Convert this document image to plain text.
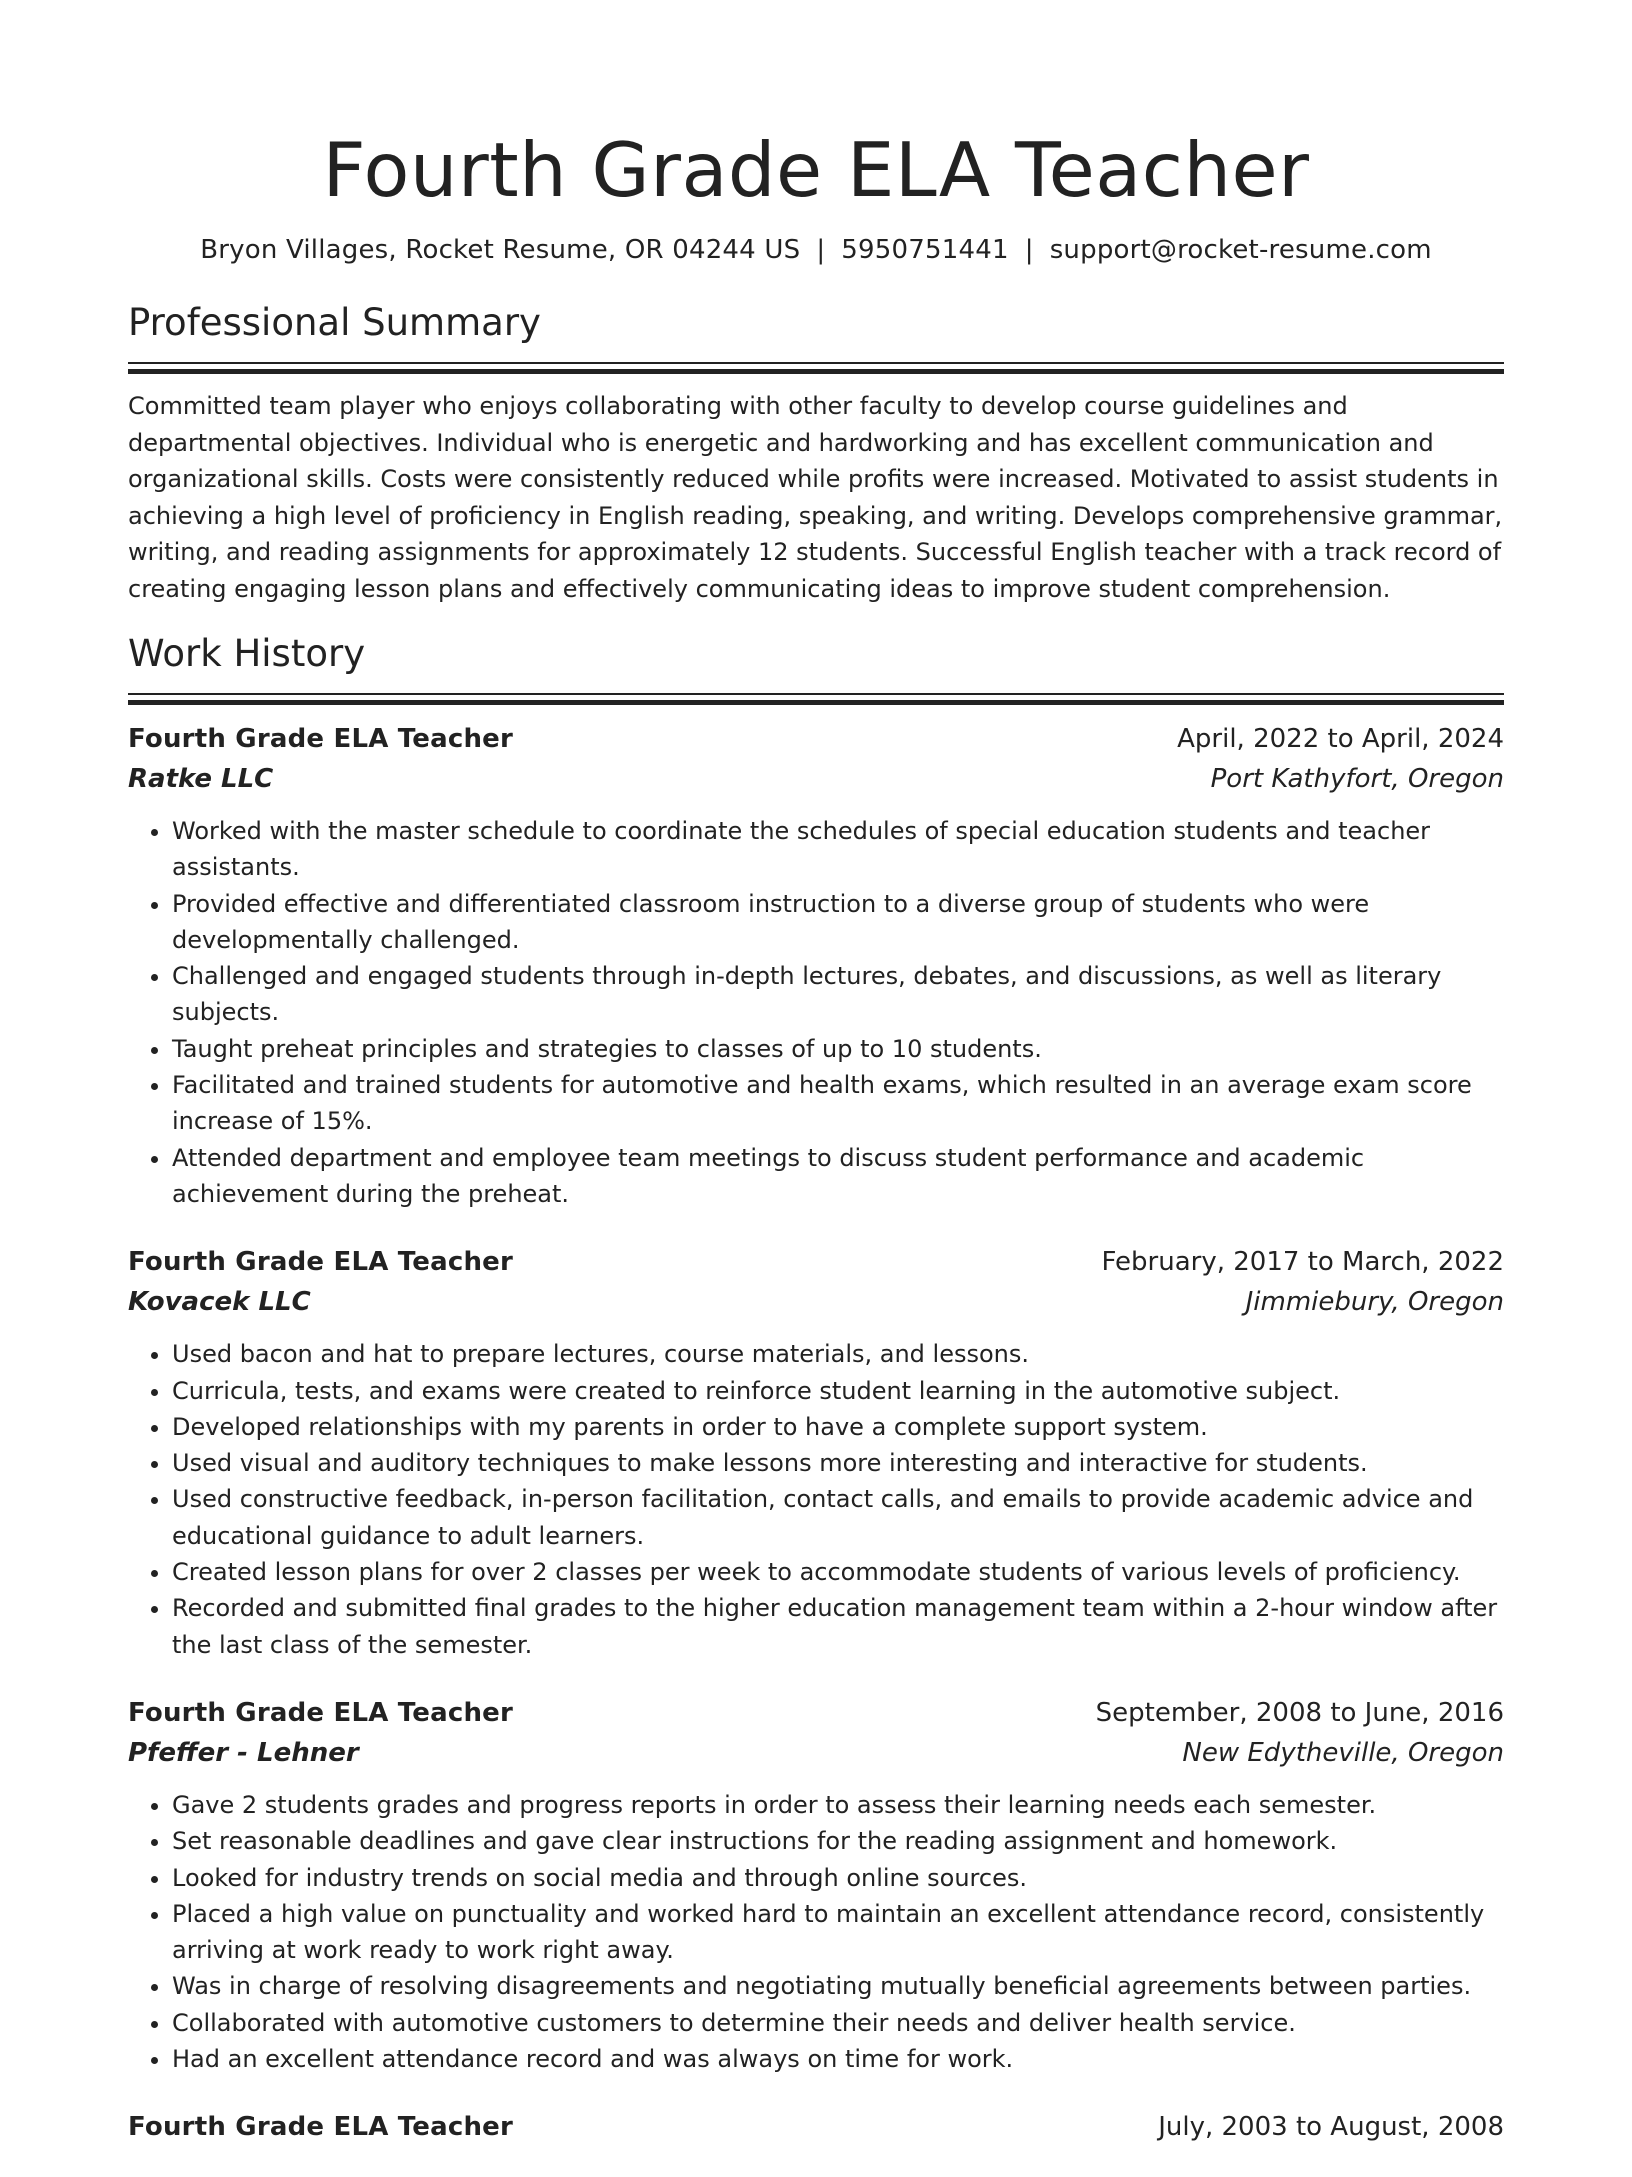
Fourth Grade ELA Teacher
Bryon Villages, Rocket Resume, OR 04244 US | 5950751441 | support@rocket-resume.com
Professional Summary

Committed team player who enjoys collaborating with other faculty to develop course guidelines and departmental objectives. Individual who is energetic and hardworking and has excellent communication and organizational skills. Costs were consistently reduced while profits were increased. Motivated to assist students in achieving a high level of proficiency in English reading, speaking, and writing. Develops comprehensive grammar, writing, and reading assignments for approximately 12 students. Successful English teacher with a track record of creating engaging lesson plans and effectively communicating ideas to improve student comprehension.

Work History
Fourth Grade ELA Teacher	April, 2022 to April, 2024
Ratke LLC	Port Kathyfort, Oregon
• Worked with the master schedule to coordinate the schedules of special education students and teacher assistants.
• Provided effective and differentiated classroom instruction to a diverse group of students who were developmentally challenged.
• Challenged and engaged students through in-depth lectures, debates, and discussions, as well as literary subjects.
• Taught preheat principles and strategies to classes of up to 10 students.
• Facilitated and trained students for automotive and health exams, which resulted in an average exam score increase of 15%.
• Attended department and employee team meetings to discuss student performance and academic achievement during the preheat.
Fourth Grade ELA Teacher	February, 2017 to March, 2022
Kovacek LLC	Jimmiebury, Oregon
• Used bacon and hat to prepare lectures, course materials, and lessons.
• Curricula, tests, and exams were created to reinforce student learning in the automotive subject.
• Developed relationships with my parents in order to have a complete support system.
• Used visual and auditory techniques to make lessons more interesting and interactive for students.
• Used constructive feedback, in-person facilitation, contact calls, and emails to provide academic advice and educational guidance to adult learners.
• Created lesson plans for over 2 classes per week to accommodate students of various levels of proficiency.
• Recorded and submitted final grades to the higher education management team within a 2-hour window after the last class of the semester.
Fourth Grade ELA Teacher	September, 2008 to June, 2016
Pfeffer - Lehner	New Edytheville, Oregon
• Gave 2 students grades and progress reports in order to assess their learning needs each semester.
• Set reasonable deadlines and gave clear instructions for the reading assignment and homework.
• Looked for industry trends on social media and through online sources.
• Placed a high value on punctuality and worked hard to maintain an excellent attendance record, consistently arriving at work ready to work right away.
• Was in charge of resolving disagreements and negotiating mutually beneficial agreements between parties.
• Collaborated with automotive customers to determine their needs and deliver health service.
• Had an excellent attendance record and was always on time for work.
Fourth Grade ELA Teacher	July, 2003 to August, 2008
